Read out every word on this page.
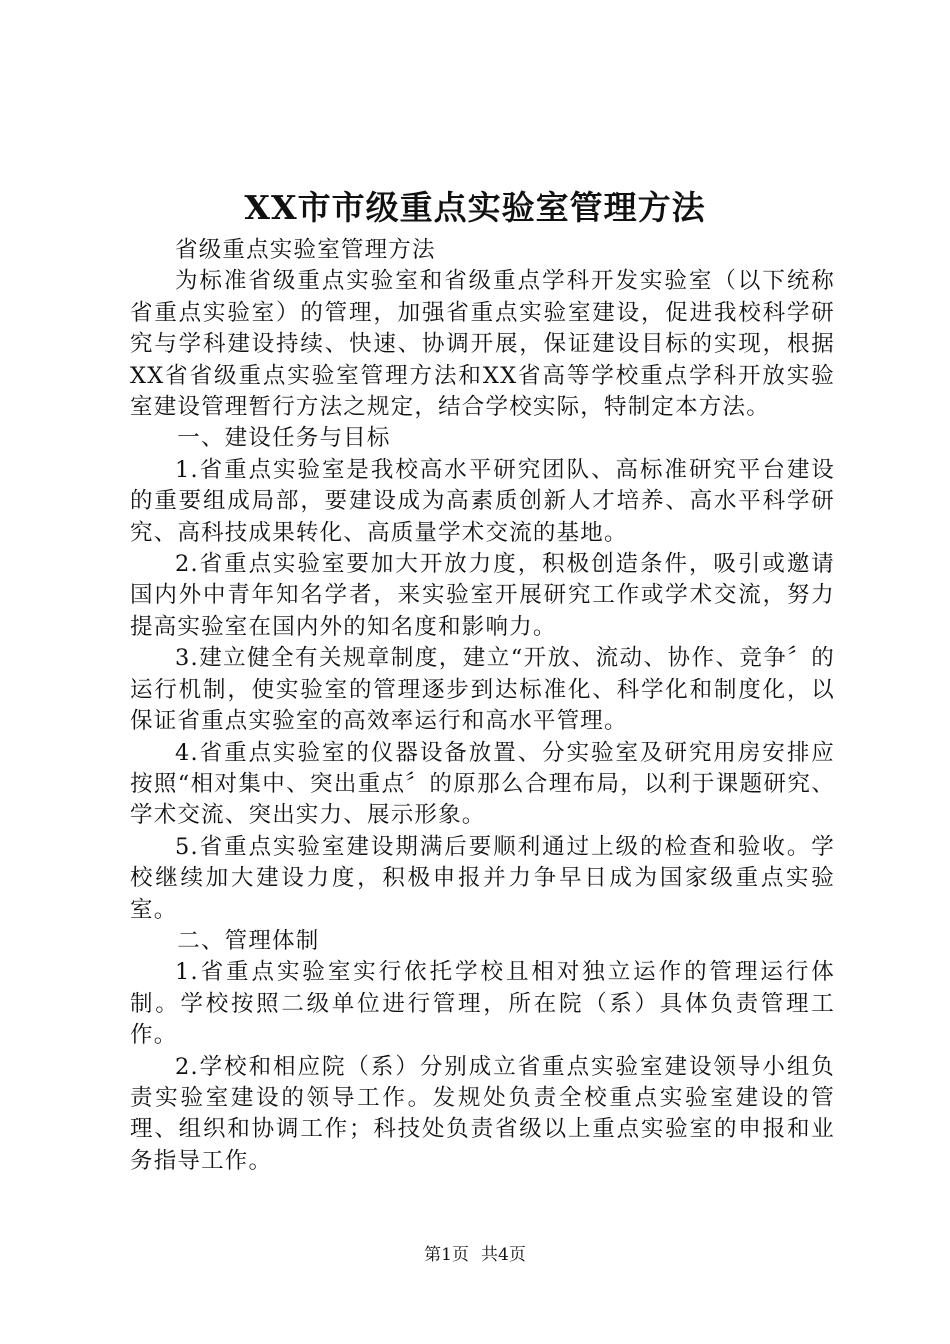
XX市市级重点实验室管理方法

省级重点实验室管理方法

为标准省级重点实验室和省级重点学科开发实验室（以下统称省重点实验室）的管理，加强省重点实验室建设，促进我校科学研究与学科建设持续、快速、协调开展，保证建设目标的实现，根据XX省省级重点实验室管理方法和XX省高等学校重点学科开放实验室建设管理暂行方法之规定，结合学校实际，特制定本方法。

一、建设任务与目标

1.省重点实验室是我校高水平研究团队、高标准研究平台建设的重要组成局部，要建设成为高素质创新人才培养、高水平科学研究、高科技成果转化、高质量学术交流的基地。

2.省重点实验室要加大开放力度，积极创造条件，吸引或邀请国内外中青年知名学者，来实验室开展研究工作或学术交流，努力提高实验室在国内外的知名度和影响力。

3.建立健全有关规章制度，建立“开放、流动、协作、竞争〞的运行机制，使实验室的管理逐步到达标准化、科学化和制度化，以保证省重点实验室的高效率运行和高水平管理。

4.省重点实验室的仪器设备放置、分实验室及研究用房安排应按照“相对集中、突出重点〞的原那么合理布局，以利于课题研究、学术交流、突出实力、展示形象。

5.省重点实验室建设期满后要顺利通过上级的检查和验收。学校继续加大建设力度，积极申报并力争早日成为国家级重点实验室。

二、管理体制

1.省重点实验室实行依托学校且相对独立运作的管理运行体制。学校按照二级单位进行管理，所在院（系）具体负责管理工作。

2.学校和相应院（系）分别成立省重点实验室建设领导小组负责实验室建设的领导工作。发规处负责全校重点实验室建设的管理、组织和协调工作；科技处负责省级以上重点实验室的申报和业务指导工作。

第1页 共4页
